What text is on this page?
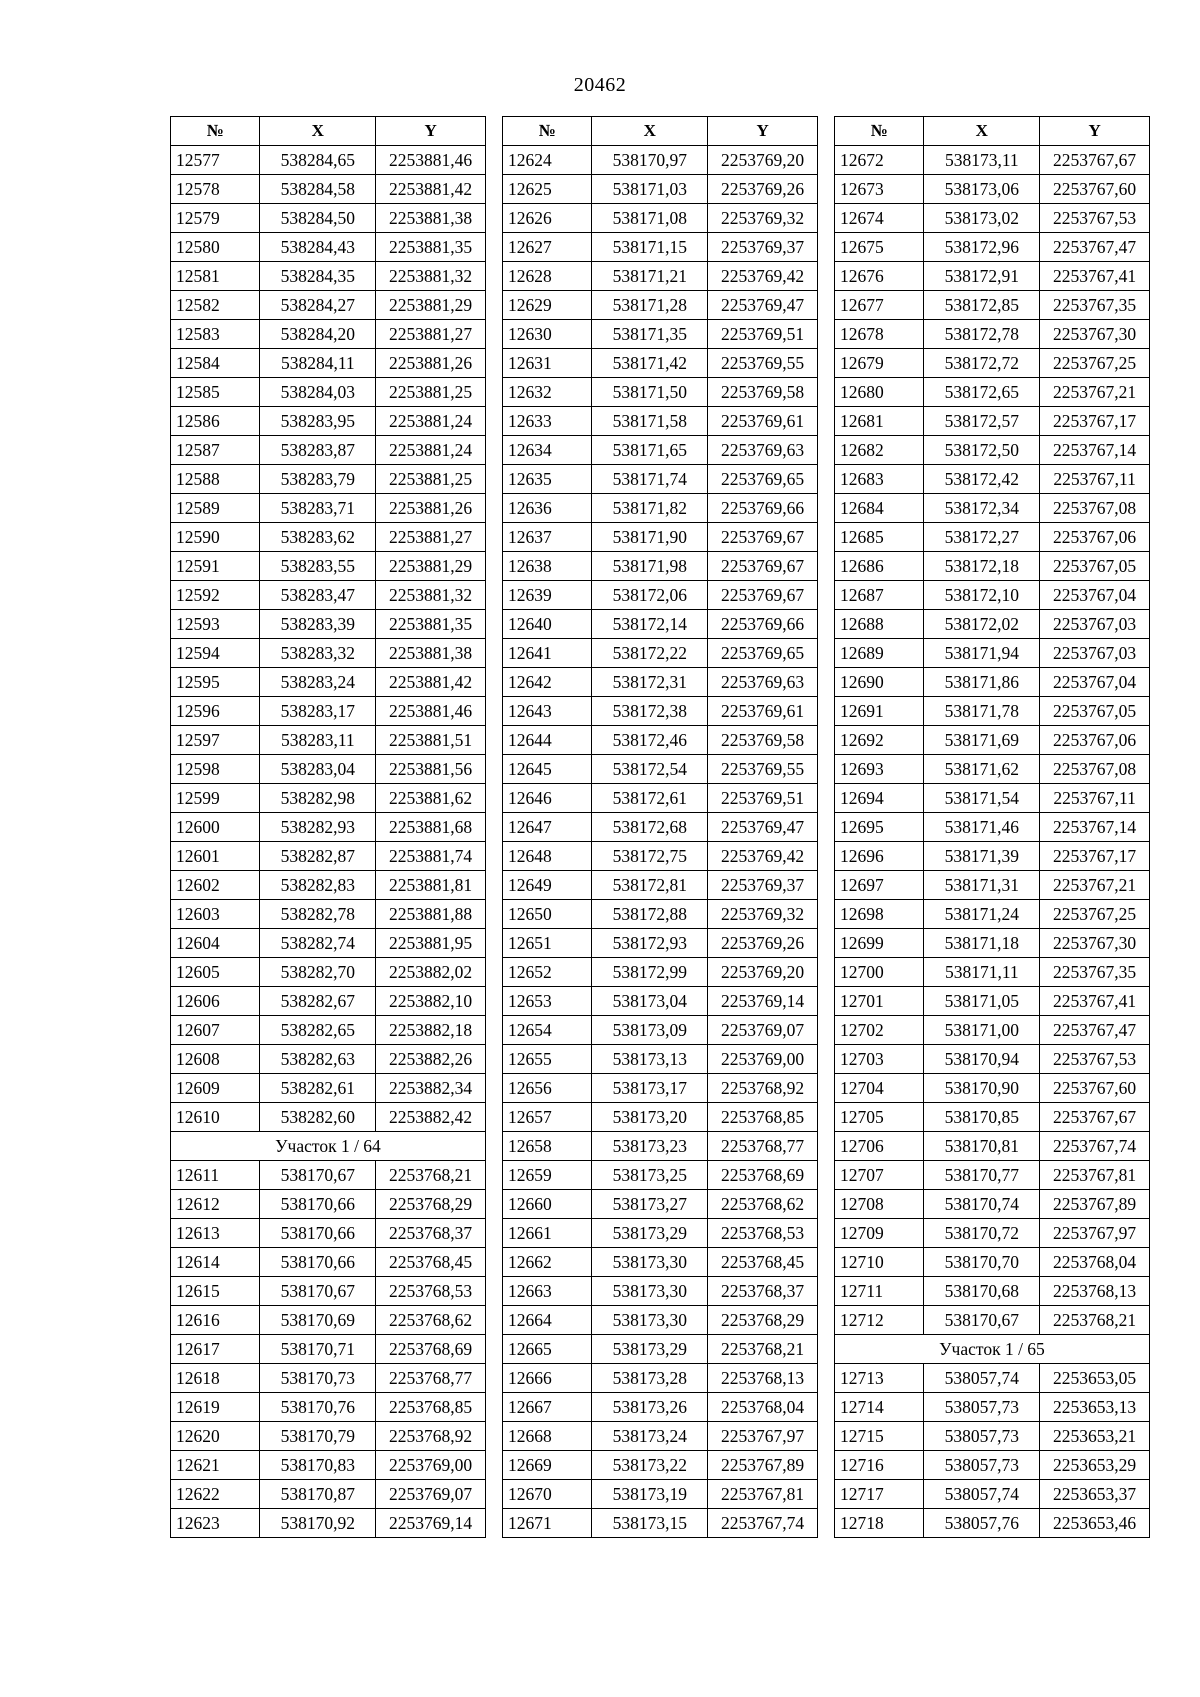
20462
№	X	Y
12577	538284,65	2253881,46
12578	538284,58	2253881,42
12579	538284,50	2253881,38
12580	538284,43	2253881,35
12581	538284,35	2253881,32
12582	538284,27	2253881,29
12583	538284,20	2253881,27
12584	538284,11	2253881,26
12585	538284,03	2253881,25
12586	538283,95	2253881,24
12587	538283,87	2253881,24
12588	538283,79	2253881,25
12589	538283,71	2253881,26
12590	538283,62	2253881,27
12591	538283,55	2253881,29
12592	538283,47	2253881,32
12593	538283,39	2253881,35
12594	538283,32	2253881,38
12595	538283,24	2253881,42
12596	538283,17	2253881,46
12597	538283,11	2253881,51
12598	538283,04	2253881,56
12599	538282,98	2253881,62
12600	538282,93	2253881,68
12601	538282,87	2253881,74
12602	538282,83	2253881,81
12603	538282,78	2253881,88
12604	538282,74	2253881,95
12605	538282,70	2253882,02
12606	538282,67	2253882,10
12607	538282,65	2253882,18
12608	538282,63	2253882,26
12609	538282,61	2253882,34
12610	538282,60	2253882,42
Участок 1 / 64		
12611	538170,67	2253768,21
12612	538170,66	2253768,29
12613	538170,66	2253768,37
12614	538170,66	2253768,45
12615	538170,67	2253768,53
12616	538170,69	2253768,62
12617	538170,71	2253768,69
12618	538170,73	2253768,77
12619	538170,76	2253768,85
12620	538170,79	2253768,92
12621	538170,83	2253769,00
12622	538170,87	2253769,07
12623	538170,92	2253769,14
№	X	Y
12624	538170,97	2253769,20
12625	538171,03	2253769,26
12626	538171,08	2253769,32
12627	538171,15	2253769,37
12628	538171,21	2253769,42
12629	538171,28	2253769,47
12630	538171,35	2253769,51
12631	538171,42	2253769,55
12632	538171,50	2253769,58
12633	538171,58	2253769,61
12634	538171,65	2253769,63
12635	538171,74	2253769,65
12636	538171,82	2253769,66
12637	538171,90	2253769,67
12638	538171,98	2253769,67
12639	538172,06	2253769,67
12640	538172,14	2253769,66
12641	538172,22	2253769,65
12642	538172,31	2253769,63
12643	538172,38	2253769,61
12644	538172,46	2253769,58
12645	538172,54	2253769,55
12646	538172,61	2253769,51
12647	538172,68	2253769,47
12648	538172,75	2253769,42
12649	538172,81	2253769,37
12650	538172,88	2253769,32
12651	538172,93	2253769,26
12652	538172,99	2253769,20
12653	538173,04	2253769,14
12654	538173,09	2253769,07
12655	538173,13	2253769,00
12656	538173,17	2253768,92
12657	538173,20	2253768,85
12658	538173,23	2253768,77
12659	538173,25	2253768,69
12660	538173,27	2253768,62
12661	538173,29	2253768,53
12662	538173,30	2253768,45
12663	538173,30	2253768,37
12664	538173,30	2253768,29
12665	538173,29	2253768,21
12666	538173,28	2253768,13
12667	538173,26	2253768,04
12668	538173,24	2253767,97
12669	538173,22	2253767,89
12670	538173,19	2253767,81
12671	538173,15	2253767,74
№	X	Y
12672	538173,11	2253767,67
12673	538173,06	2253767,60
12674	538173,02	2253767,53
12675	538172,96	2253767,47
12676	538172,91	2253767,41
12677	538172,85	2253767,35
12678	538172,78	2253767,30
12679	538172,72	2253767,25
12680	538172,65	2253767,21
12681	538172,57	2253767,17
12682	538172,50	2253767,14
12683	538172,42	2253767,11
12684	538172,34	2253767,08
12685	538172,27	2253767,06
12686	538172,18	2253767,05
12687	538172,10	2253767,04
12688	538172,02	2253767,03
12689	538171,94	2253767,03
12690	538171,86	2253767,04
12691	538171,78	2253767,05
12692	538171,69	2253767,06
12693	538171,62	2253767,08
12694	538171,54	2253767,11
12695	538171,46	2253767,14
12696	538171,39	2253767,17
12697	538171,31	2253767,21
12698	538171,24	2253767,25
12699	538171,18	2253767,30
12700	538171,11	2253767,35
12701	538171,05	2253767,41
12702	538171,00	2253767,47
12703	538170,94	2253767,53
12704	538170,90	2253767,60
12705	538170,85	2253767,67
12706	538170,81	2253767,74
12707	538170,77	2253767,81
12708	538170,74	2253767,89
12709	538170,72	2253767,97
12710	538170,70	2253768,04
12711	538170,68	2253768,13
12712	538170,67	2253768,21
Участок 1 / 65		
12713	538057,74	2253653,05
12714	538057,73	2253653,13
12715	538057,73	2253653,21
12716	538057,73	2253653,29
12717	538057,74	2253653,37
12718	538057,76	2253653,46
